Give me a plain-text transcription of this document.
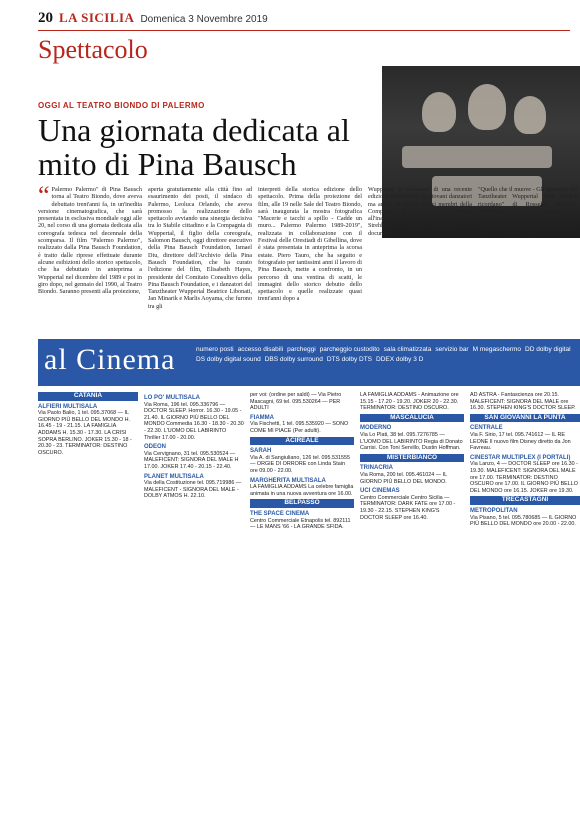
20 LA SICILIA Domenica 3 Novembre 2019
Spettacolo
OGGI AL TEATRO BIONDO DI PALERMO
Una giornata dedicata al mito di Pina Bausch
“ Palermo Palermo" di Pina Bausch torna al Teatro Biondo, dove aveva debuttato trent'anni fa, in un'inedita versione cinematografica, che sarà presentata in esclusiva mondiale oggi alle 20, nel corso di una giornata dedicata alla coreografa tedesca nel decennale della scomparsa. Il film "Palermo Palermo", realizzato dalla Pina Bausch Foundation, è tratto dalle riprese effettuate durante alcune esibizioni dello storico spettacolo, che ha debuttato in anteprima a Wuppertal nel dicembre del 1989 e poi in giro dopo, nel gennaio del 1990, al Teatro Biondo. Saranno presenti alla proiezione,
aperta gratuitamente alla città fino ad esaurimento dei posti, il sindaco di Palermo, Leoluca Orlando, che aveva promosso la realizzazione dello spettacolo avviando una sinergia decisiva tra lo Stabile cittadino e la Compagnia di Wuppertal, il figlio della coreografa, Salomon Bausch, oggi direttore esecutivo della Pina Bausch Foundation, Ismael Diu, direttore dell'Archivio della Pina Bausch Foundation, che ha curato l'edizione del film, Elisabeth Hayes, presidente del Comitato Consultivo della Pina Bausch Foundation, e i danzatori del Tanztheater Wuppertal Beatrice Libonati, Jan Minarik e Marlis Aoyama, che furono tra gli
interpreti della storica edizione dello spettacolo. Prima della proiezione del film, alle 19 nelle Sale del Teatro Biondo, sarà inaugurata la mostra fotografica "Macerie e tacchi a spillo - Cadde un muro... Palermo Palermo 1989-2019", realizzata in collaborazione con il Festival delle Orestiadi di Gibellina, dove è stata presentata in anteprima la scorsa estate. Piero Tauro, che ha seguito e fotografato per tantissimi anni il lavoro di Pina Bausch, mette a confronto, in un percorso di una ventina di scatti, le immagini dello storico debutto dello spettacolo e quelle realizzate quasi trent'anni dopo a
Wuppertal in occasione di una recente edizione interpretata da giovani danzatori ma anche da alcuni storici membri della Compagnia. Il fotografo sarà presente all'inaugurazione. Alle 19.15, nella Sala Strehler, si potrà assistere al documentario
"Quello che il muove - Gli spettatori del Tanztheater Wuppertal Pina Bausch ricordano" di Rossella Schillaci, presentato a Torino in occasione della manifestazione Mariana Bausch. Durante la memoria, ripercuote la storia curata da Susanne Franco.
al Cinema	numero posti accesso disabili parcheggi parcheggio custodito sala climatizzata servizio bar M megaschermo DD dolby digitalDS dolby digital sound DBS dolby surround DTS dolby DTS DDEX dolby 3 D
CATANIA
ALFIERI MULTISALA
Via Paolo Balio, 1 tel. 095.37068 — IL GIORNO PIÙ BELLO DEL MONDO H. 16.45 - 19 - 21.15. LA FAMIGLIA ADDAMS H. 15.30 - 17.30. LA CRISI SOPRA BERLINO. JOKER 15.30 - 18 - 20.30 - 23. TERMINATOR: DESTINO OSCURO.
LO PO' MULTISALA
Via Roma, 196 tel. 095.336796 — DOCTOR SLEEP. Horror. 16.30 - 19.05 - 21.40. IL GIORNO PIÙ BELLO DEL MONDO Commedia 16.30 - 18.30 - 20.30 - 22.30. L'UOMO DEL LABIRINTO Thriller 17.00 - 20.00.
ODEON
Via Cervignano, 31 tel. 095.530524 — MALEFICENT: SIGNORA DEL MALE H 17.00. JOKER 17.40 - 20.15 - 22.40.
PLANET MULTISALA
Via della Costituzione tel. 095.719986 — MALEFICENT - SIGNORA DEL MALE - DOLBY ATMOS H. 22.10.
per voi: (ordine per saldi) — Via Pietro Mascagni, 69 tel. 095.530264 — PER ADULTI
FIAMMA
Via Fischetti, 1 tel. 095.535920 — SONO COME MI PIACE (Per adulti).
ACIREALE
SARAH
Via A. di Sangiuliano, 126 tel. 095.531555 — ORGIE DI ORRORE con Linda Stain ore 09.00 - 22.00.
MARGHERITA MULTISALA
LA FAMIGLIA ADDAMS La celebre famiglia animata in una nuova avventura ore 16.00.
BELPASSO
THE SPACE CINEMA
Centro Commerciale Etnapolis tel. 892111 — LE MANS '66 - LA GRANDE SFIDA.
LA FAMIGLIA ADDAMS - Animazione ore 15.15 - 17.20 - 19.20. JOKER 20 - 22.30. TERMINATOR: DESTINO OSCURO.
MASCALUCIA
MODERNO
Via Lo Plati, 38 tel. 095.7276785 — L'UOMO DEL LABIRINTO Regia di Donato Carrisi. Con Toni Servillo, Dustin Hoffman.
MISTERBIANCO
TRINACRIA
Via Roma, 200 tel. 095.461024 — IL GIORNO PIÙ BELLO DEL MONDO.
UCI CINEMAS
Centro Commerciale Centro Sicilia — TERMINATOR: DARK FATE ore 17.00 - 19.30 - 22.15. STEPHEN KING'S DOCTOR SLEEP ore 16.40.
AD ASTRA - Fantascienza ore 20.15. MALEFICENT: SIGNORA DEL MALE ore 16.30. STEPHEN KING'S DOCTOR SLEEP.
SAN GIOVANNI LA PUNTA
CENTRALE
Via F. Sirio, 17 tel. 095.741612 — IL RE LEONE Il nuovo film Disney diretto da Jon Favreau.
CINESTAR MULTIPLEX (I PORTALI)
Via Lanzo, 4 — DOCTOR SLEEP ore 16.30 - 19.30. MALEFICENT: SIGNORA DEL MALE ore 17.00. TERMINATOR: DESTINO OSCURO ore 17.00. IL GIORNO PIÙ BELLO DEL MONDO ore 16.15. JOKER ore 19.30.
TRECASTAGNI
METROPOLITAN
Via Pisano, 5 tel. 095.780685 — IL GIORNO PIÙ BELLO DEL MONDO ore 20.00 - 22.00.
